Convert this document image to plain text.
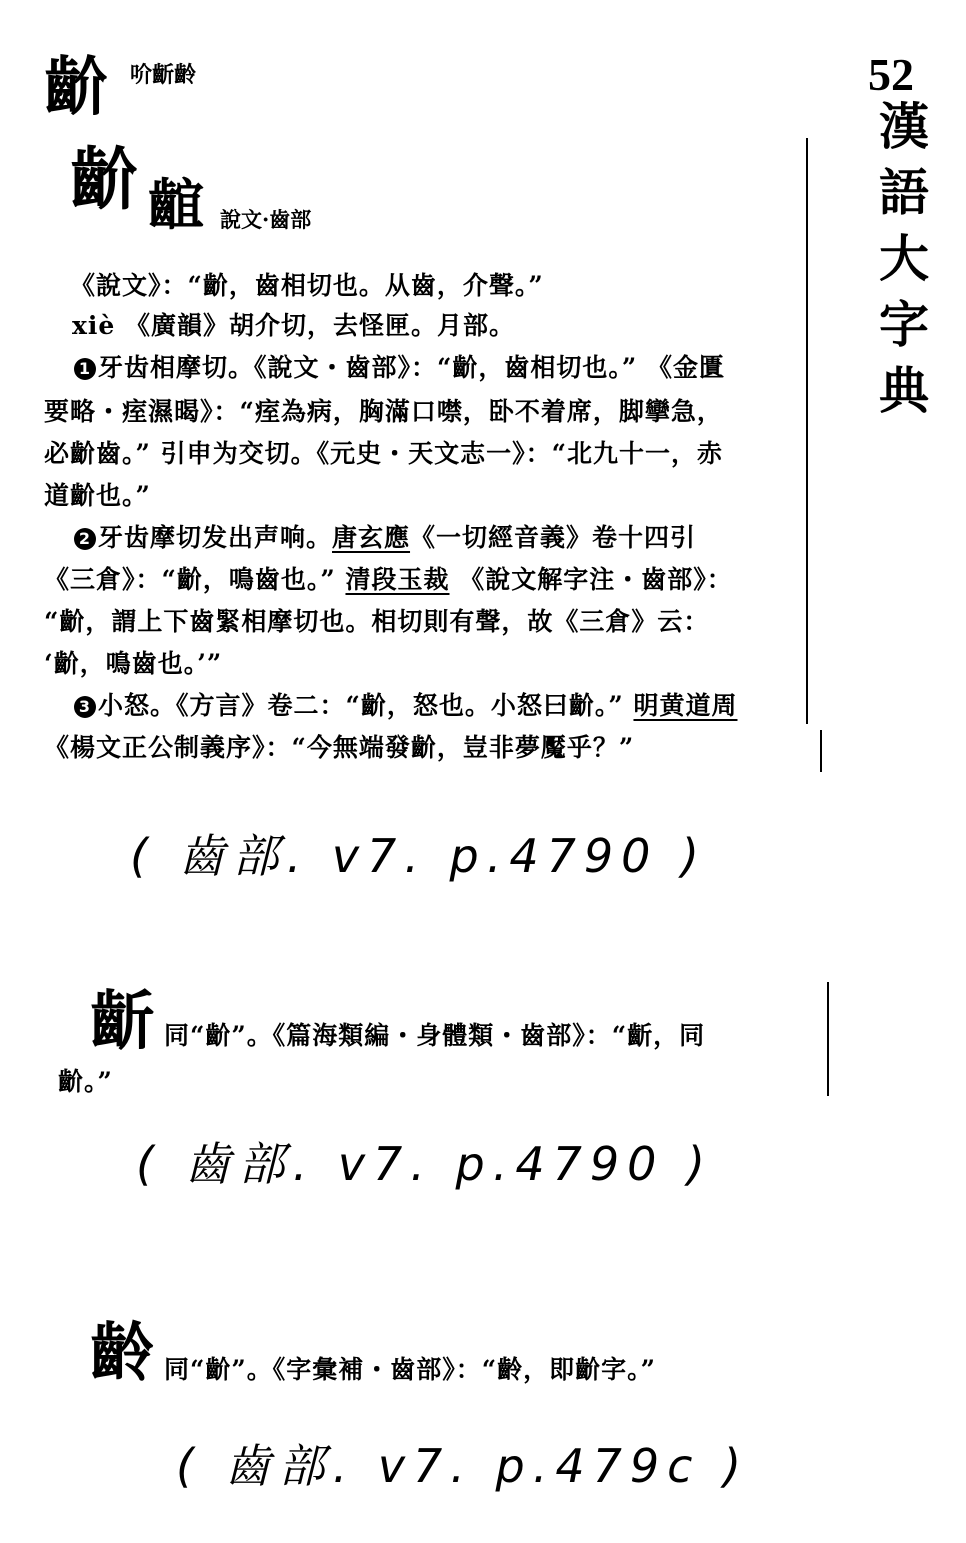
52
漢
語
大
字
典
齘 吤齗齡
齘 𪘲 說文·齒部
《說文》：“齘，齒相切也。从齒，介聲。”
xiè 《廣韻》胡介切，去怪匣。月部。
1 牙齿相摩切。《說文・齒部》：“齘，齒相切也。” 《金匱
要略・痓濕暍》：“痓為病，胸滿口噤，卧不着席，脚攣急，
必齘齒。” 引申为交切。《元史・天文志一》：“北九十一，赤
道齘也。”
2 牙齿摩切发出声响。唐玄應《一切經音義》卷十四引
《三倉》：“齘，鳴齒也。” 清段玉裁 《說文解字注・齒部》：
“齘，謂上下齒緊相摩切也。相切則有聲，故《三倉》云：
‘齘，鳴齒也。’”
3 小怒。《方言》卷二：“齘，怒也。小怒曰齘。” 明黄道周
《楊文正公制義序》：“今無端發齘，豈非夢魘乎？”
( 齒部. v7. p.4790 )
齗 同“齘”。《篇海類編・身體類・齒部》：“齗，同
齘。”
( 齒部. v7. p.4790 )
齡 同“齘”。《字彙補・齒部》：“齡，即齘字。”
( 齒部. v7. p.479c )
